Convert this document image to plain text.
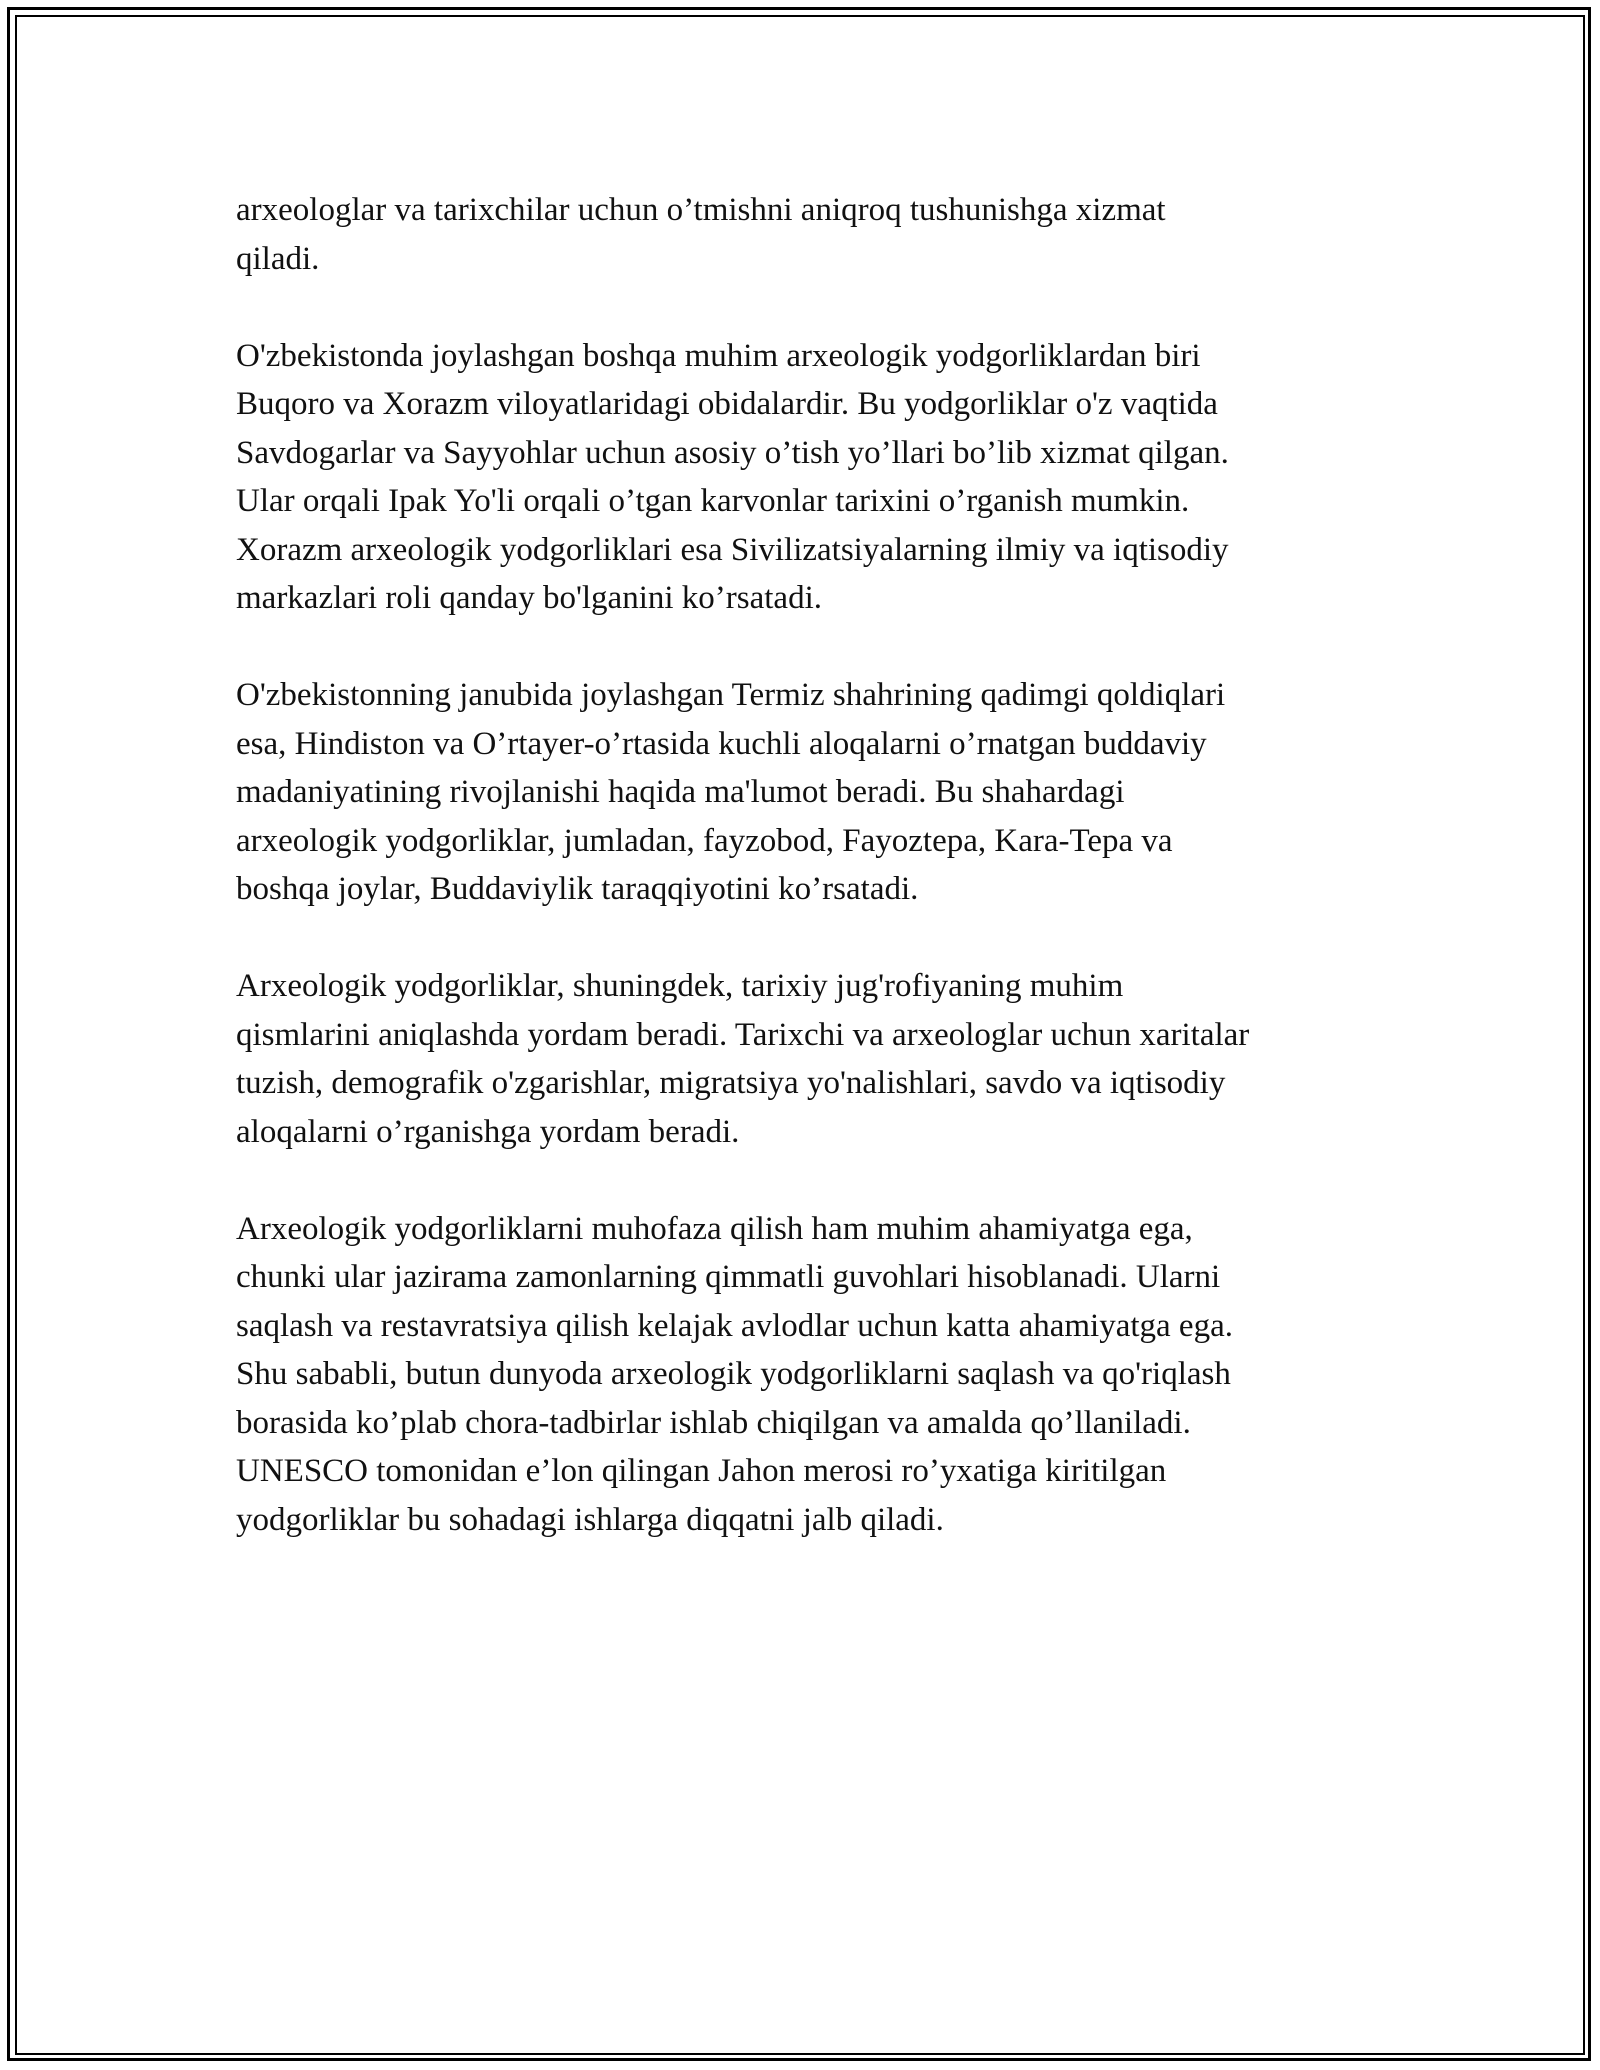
arxeologlar va tarixchilar uchun o’tmishni aniqroq tushunishga xizmat
qiladi.

O'zbekistonda joylashgan boshqa muhim arxeologik yodgorliklardan biri
Buqoro va Xorazm viloyatlaridagi obidalardir. Bu yodgorliklar o'z vaqtida
Savdogarlar va Sayyohlar uchun asosiy o’tish yo’llari bo’lib xizmat qilgan.
Ular orqali Ipak Yo'li orqali o’tgan karvonlar tarixini o’rganish mumkin.
Xorazm arxeologik yodgorliklari esa Sivilizatsiyalarning ilmiy va iqtisodiy
markazlari roli qanday bo'lganini ko’rsatadi.

O'zbekistonning janubida joylashgan Termiz shahrining qadimgi qoldiqlari
esa, Hindiston va O’rtayer-o’rtasida kuchli aloqalarni o’rnatgan buddaviy
madaniyatining rivojlanishi haqida ma'lumot beradi. Bu shahardagi
arxeologik yodgorliklar, jumladan, fayzobod, Fayoztepa, Kara-Tepa va
boshqa joylar, Buddaviylik taraqqiyotini ko’rsatadi.

Arxeologik yodgorliklar, shuningdek, tarixiy jug'rofiyaning muhim
qismlarini aniqlashda yordam beradi. Tarixchi va arxeologlar uchun xaritalar
tuzish, demografik o'zgarishlar, migratsiya yo'nalishlari, savdo va iqtisodiy
aloqalarni o’rganishga yordam beradi.

Arxeologik yodgorliklarni muhofaza qilish ham muhim ahamiyatga ega,
chunki ular jazirama zamonlarning qimmatli guvohlari hisoblanadi. Ularni
saqlash va restavratsiya qilish kelajak avlodlar uchun katta ahamiyatga ega.
Shu sababli, butun dunyoda arxeologik yodgorliklarni saqlash va qo'riqlash
borasida ko’plab chora-tadbirlar ishlab chiqilgan va amalda qo’llaniladi.
UNESCO tomonidan e’lon qilingan Jahon merosi ro’yxatiga kiritilgan
yodgorliklar bu sohadagi ishlarga diqqatni jalb qiladi.
